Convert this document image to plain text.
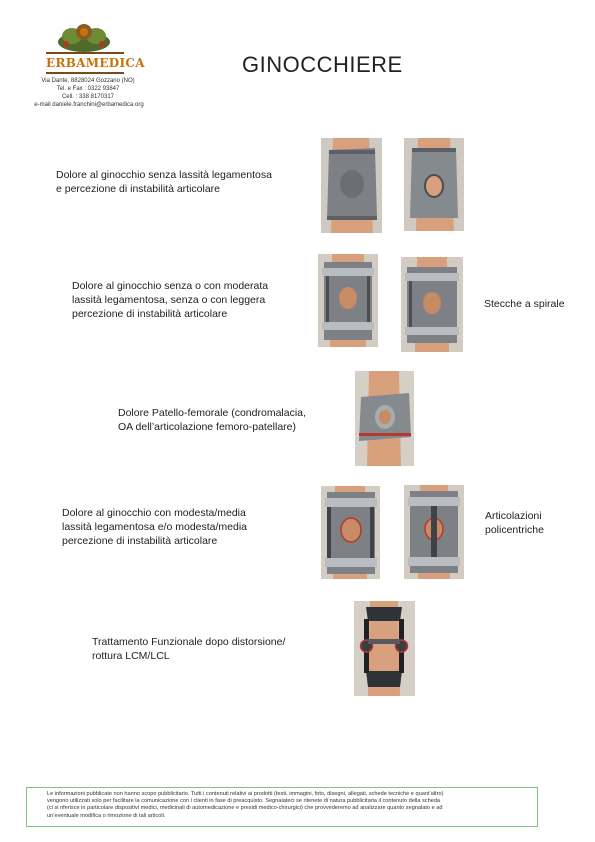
ERBAMEDICA
Via Dante, 8828024 Gozzano (NO)
Tel. e Fax : 0322 93847
Cell. : 338 8170317
e-mail daniele.franchini@erbamedica.org
GINOCCHIERE
Dolore al ginocchio senza lassità legamentosa
e percezione di instabilità articolare
Dolore al ginocchio senza o con moderata
lassità legamentosa, senza o con leggera
percezione di instabilità articolare
Stecche a spirale
Dolore Patello-femorale (condromalacia,
OA dell’articolazione femoro-patellare)
Dolore al ginocchio con modesta/media
lassità legamentosa e/o modesta/media
percezione di instabilità articolare
Articolazioni
policentriche
Trattamento Funzionale dopo distorsione/
rottura LCM/LCL
Le informazioni pubblicate non hanno scopo pubblicitario. Tutti i contenuti relativi ai prodotti (testi, immagini, foto, disegni, allegati, schede tecniche e quant’altro)
vengono utilizzati solo per facilitare la comunicazione con i clienti in fase di preacquisto. Segnalateci se ritenete di natura pubblicitaria il contenuto della scheda
(ci si riferisce in particolare dispositivi medici, medicinali di automedicazione e presidi medico-chirurgici) che provvederemo ad analizzare quanto segnalato e ad
un’eventuale modifica o rimozione di tali articoli.
